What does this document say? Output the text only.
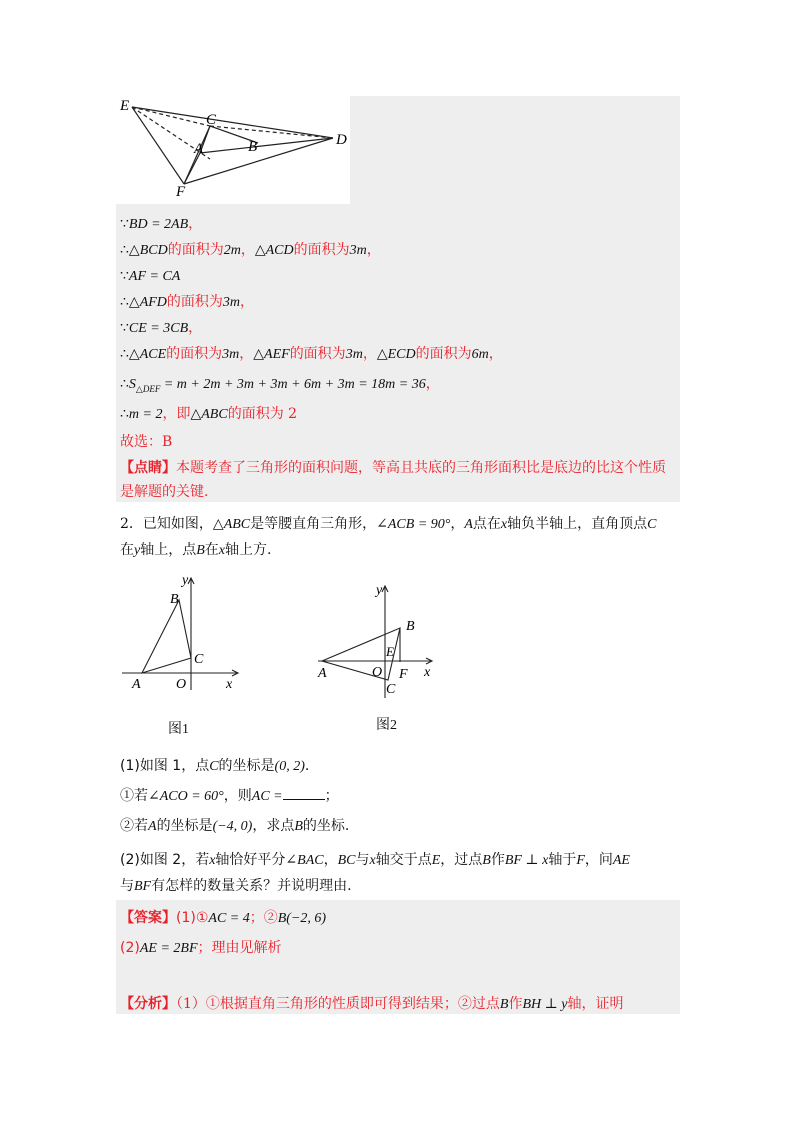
E
C
A	B	D
F
∵BD = 2AB，
∴△BCD的面积为2m，△ACD的面积为3m，
∵AF = CA
∴△AFD的面积为3m，
∵CE = 3CB，
∴△ACE的面积为3m，△AEF的面积为3m，△ECD的面积为6m，
$\therefore S_{\triangle DEF} = m + 2m + 3m + 3m + 6m + 3m = 18m = 36$，
∴m = 2，即△ABC的面积为 2
故选：B
【点睛】本题考查了三角形的面积问题，等高且共底的三角形面积比是底边的比这个性质
是解题的关键.
2．已知如图，△ABC是等腰直角三角形，∠ACB = 90°，A点在x轴负半轴上，直角顶点C
在y轴上，点B在x轴上方.
y
B
C
A	O	x
图1
y
B
E
A	O F
C
x
图2
(1)如图 1，点C的坐标是(0, 2).
①若∠ACO = 60°，则AC =	；
②若A的坐标是(−4, 0)，求点B的坐标.
(2)如图 2，若x轴恰好平分∠BAC，BC与x轴交于点E，过点B作BF ⊥ x轴于F，问AE
与BF有怎样的数量关系？并说明理由.
【答案】(1)①AC = 4；②B(−2, 6)
(2)AE = 2BF；理由见解析
【分析】（1）①根据直角三角形的性质即可得到结果；②过点B作BH ⊥ y轴，证明
